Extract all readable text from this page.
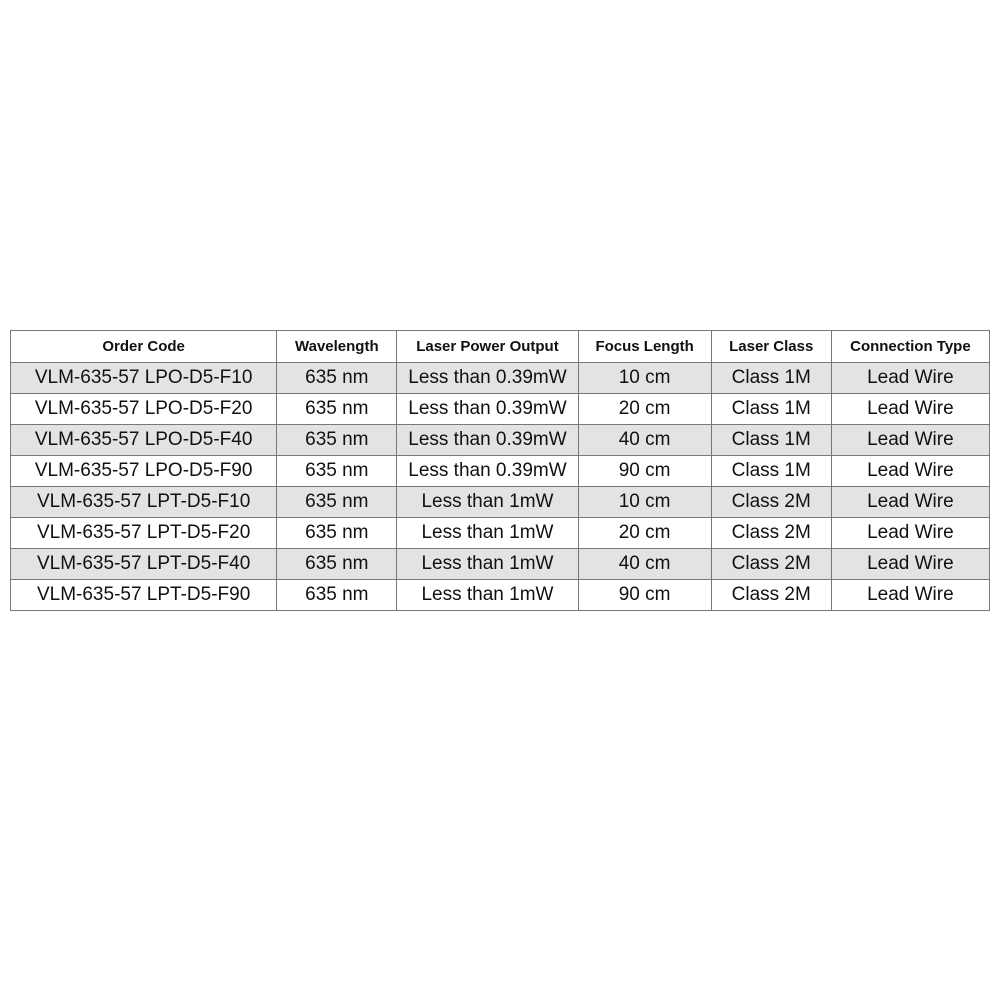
Order Code	Wavelength	Laser Power Output	Focus Length	Laser Class	Connection Type
VLM-635-57 LPO-D5-F10	635 nm	Less than 0.39mW	10 cm	Class 1M	Lead Wire
VLM-635-57 LPO-D5-F20	635 nm	Less than 0.39mW	20 cm	Class 1M	Lead Wire
VLM-635-57 LPO-D5-F40	635 nm	Less than 0.39mW	40 cm	Class 1M	Lead Wire
VLM-635-57 LPO-D5-F90	635 nm	Less than 0.39mW	90 cm	Class 1M	Lead Wire
VLM-635-57 LPT-D5-F10	635 nm	Less than 1mW	10 cm	Class 2M	Lead Wire
VLM-635-57 LPT-D5-F20	635 nm	Less than 1mW	20 cm	Class 2M	Lead Wire
VLM-635-57 LPT-D5-F40	635 nm	Less than 1mW	40 cm	Class 2M	Lead Wire
VLM-635-57 LPT-D5-F90	635 nm	Less than 1mW	90 cm	Class 2M	Lead Wire
